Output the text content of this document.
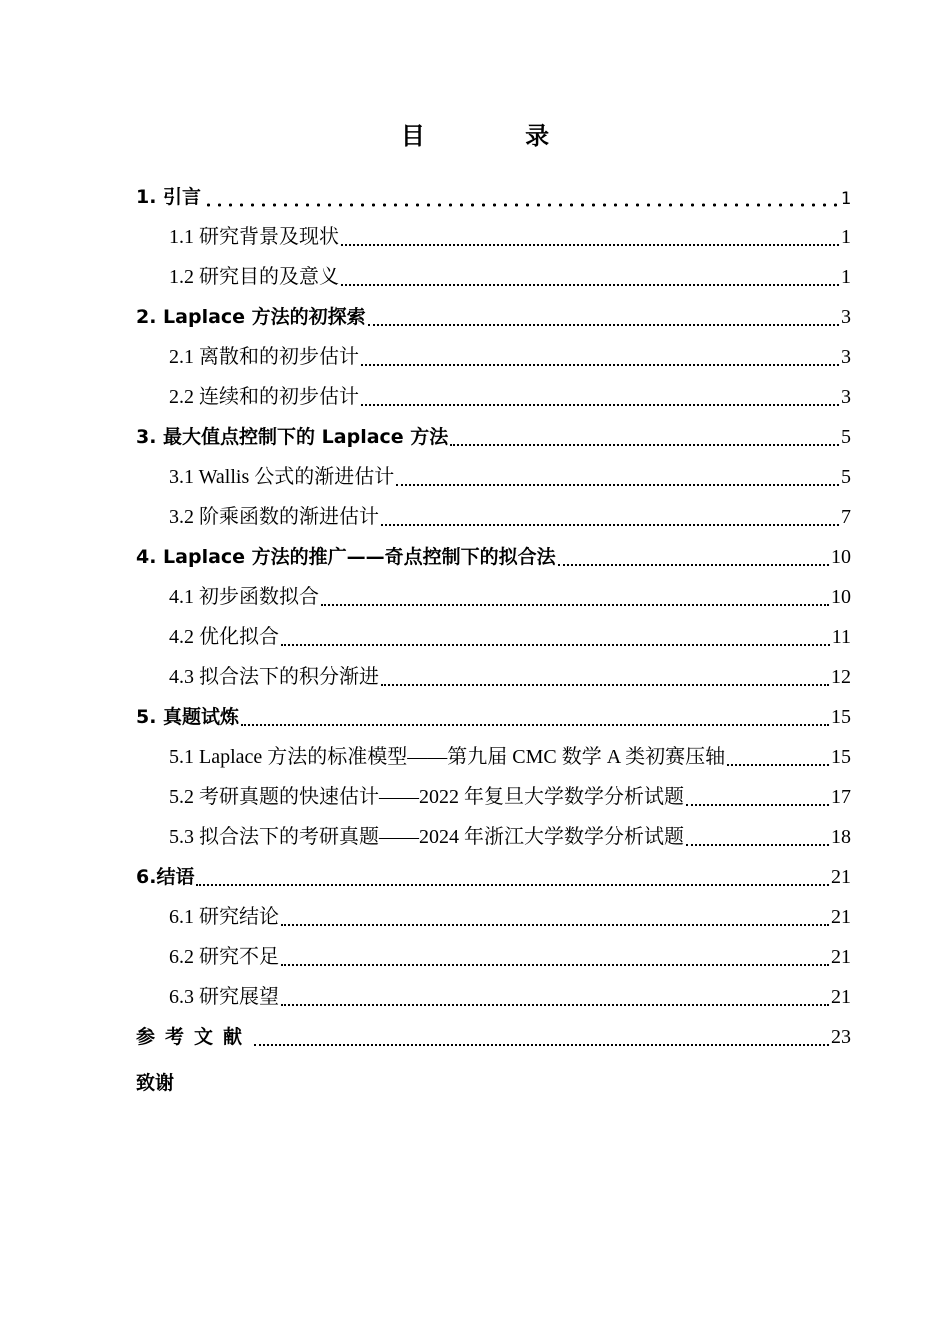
目 录
1. 引言	1
1.1 研究背景及现状	1
1.2 研究目的及意义	1
2. Laplace 方法的初探索	3
2.1 离散和的初步估计	3
2.2 连续和的初步估计	3
3. 最大值点控制下的 Laplace 方法	5
3.1 Wallis 公式的渐进估计	5
3.2 阶乘函数的渐进估计	7
4. Laplace 方法的推广——奇点控制下的拟合法	10
4.1 初步函数拟合	10
4.2 优化拟合	11
4.3 拟合法下的积分渐进	12
5. 真题试炼	15
5.1 Laplace 方法的标准模型——第九届 CMC 数学 A 类初赛压轴	15
5.2 考研真题的快速估计——2022 年复旦大学数学分析试题	17
5.3 拟合法下的考研真题——2024 年浙江大学数学分析试题	18
6.结语	21
6.1 研究结论	21
6.2 研究不足	21
6.3 研究展望	21
参考文献	23
致谢
